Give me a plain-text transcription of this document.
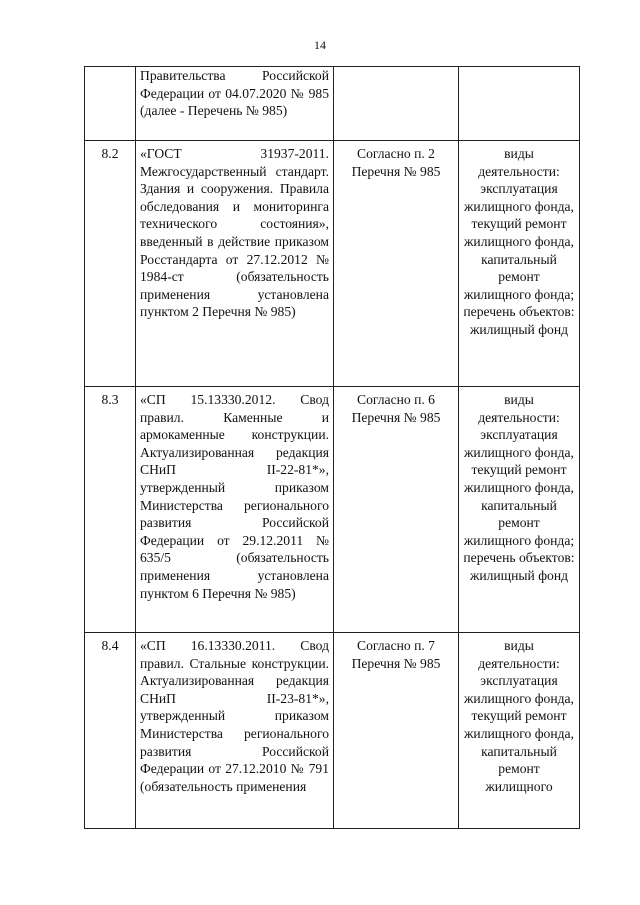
14
	Правительства Российской Федерации от 04.07.2020 № 985 (далее - Перечень № 985)		
8.2	«ГОСТ 31937-2011. Межгосударственный стандарт. Здания и сооружения. Правила обследования и мониторинга технического состояния», введенный в действие приказом Росстандарта от 27.12.2012 № 1984-ст (обязательность применения установлена пунктом 2 Перечня № 985)	Согласно п. 2 Перечня № 985	виды деятельности: эксплуатация жилищного фонда, текущий ремонт жилищного фонда, капитальный ремонт жилищного фонда; перечень объектов: жилищный фонд
8.3	«СП 15.13330.2012. Свод правил. Каменные и армокаменные конструкции. Актуализированная редакция СНиП II-22-81*», утвержденный приказом Министерства регионального развития Российской Федерации от 29.12.2011 № 635/5 (обязательность применения установлена пунктом 6 Перечня № 985)	Согласно п. 6 Перечня № 985	виды деятельности: эксплуатация жилищного фонда, текущий ремонт жилищного фонда, капитальный ремонт жилищного фонда; перечень объектов: жилищный фонд
8.4	«СП 16.13330.2011. Свод правил. Стальные конструкции. Актуализированная редакция СНиП II-23-81*», утвержденный приказом Министерства регионального развития Российской Федерации от 27.12.2010 № 791 (обязательность применения	Согласно п. 7 Перечня № 985	виды деятельности: эксплуатация жилищного фонда, текущий ремонт жилищного фонда, капитальный ремонт жилищного
